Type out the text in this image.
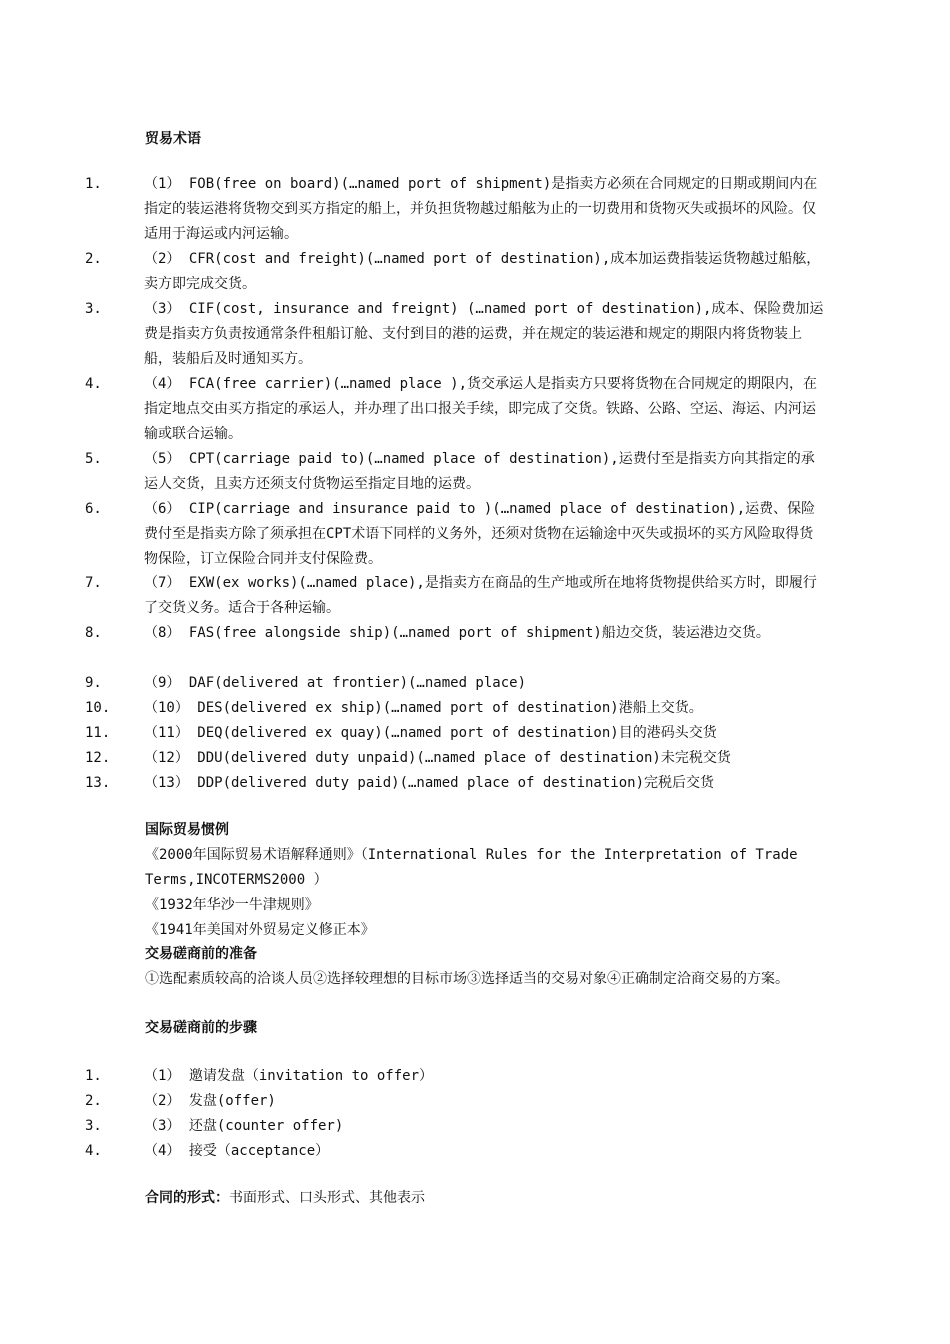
贸易术语
1.	（1） FOB(free on board)(…named port of shipment)是指卖方必须在合同规定的日期或期间内在指定的装运港将货物交到买方指定的船上，并负担货物越过船舷为止的一切费用和货物灭失或损坏的风险。仅适用于海运或内河运输。
2.	（2） CFR(cost and freight)(…named port of destination),成本加运费指装运货物越过船舷，卖方即完成交货。
3.	（3） CIF(cost, insurance and freignt) (…named port of destination),成本、保险费加运费是指卖方负责按通常条件租船订舱、支付到目的港的运费，并在规定的装运港和规定的期限内将货物装上船，装船后及时通知买方。
4.	（4） FCA(free carrier)(…named place ),货交承运人是指卖方只要将货物在合同规定的期限内，在指定地点交由买方指定的承运人，并办理了出口报关手续，即完成了交货。铁路、公路、空运、海运、内河运输或联合运输。
5.	（5） CPT(carriage paid to)(…named place of destination),运费付至是指卖方向其指定的承运人交货，且卖方还须支付货物运至指定目地的运费。
6.	（6） CIP(carriage and insurance paid to )(…named place of destination),运费、保险费付至是指卖方除了须承担在CPT术语下同样的义务外，还须对货物在运输途中灭失或损坏的买方风险取得货物保险，订立保险合同并支付保险费。
7.	（7） EXW(ex works)(…named place),是指卖方在商品的生产地或所在地将货物提供给买方时，即履行了交货义务。适合于各种运输。
8.	（8） FAS(free alongside ship)(…named port of shipment)船边交货，装运港边交货。
9.	（9） DAF(delivered at frontier)(…named place)
10.	（10） DES(delivered ex ship)(…named port of destination)港船上交货。
11.	（11） DEQ(delivered ex quay)(…named port of destination)目的港码头交货
12.	（12） DDU(delivered duty unpaid)(…named place of destination)未完税交货
13.	（13） DDP(delivered duty paid)(…named place of destination)完税后交货
国际贸易惯例
《2000年国际贸易术语解释通则》（International Rules for the Interpretation of Trade Terms,INCOTERMS2000 ）
《1932年华沙一牛津规则》
《1941年美国对外贸易定义修正本》
交易磋商前的准备
①选配素质较高的洽谈人员②选择较理想的目标市场③选择适当的交易对象④正确制定洽商交易的方案。
交易磋商前的步骤
1.	（1） 邀请发盘（invitation to offer）
2.	（2） 发盘(offer)
3.	（3） 还盘(counter offer)
4.	（4） 接受（acceptance）
合同的形式：书面形式、口头形式、其他表示
